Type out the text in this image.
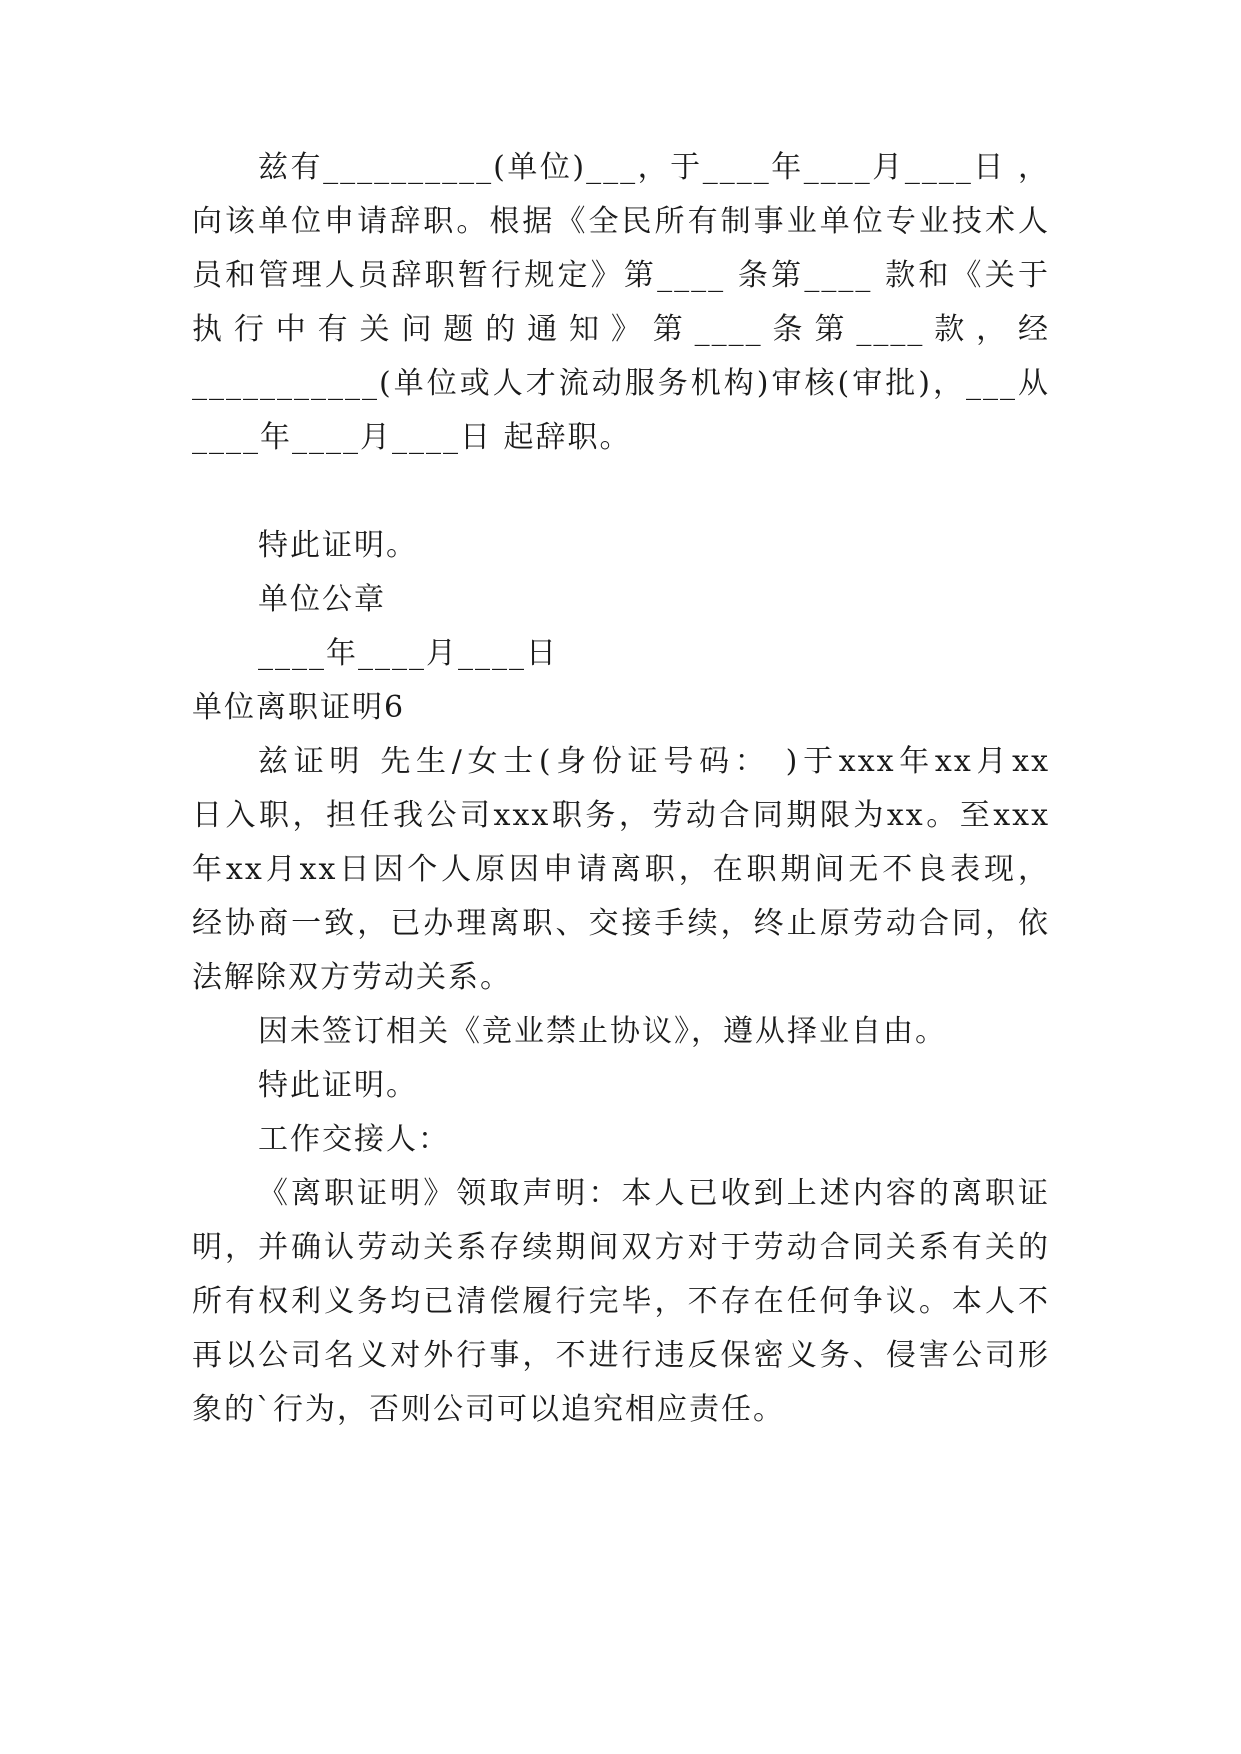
兹有__________(单位)___，于____年____月____日 ，
向该单位申请辞职。根据《全民所有制事业单位专业技术人
员和管理人员辞职暂行规定》第____ 条第____ 款和《关于
执行中有关问题的通知》第____条第____款，经
___________(单位或人才流动服务机构)审核(审批)，___从
____年____月____日 起辞职。
特此证明。
单位公章
____年____月____日
单位离职证明6
兹证明 先生/女士(身份证号码： )于xxx年xx月xx
日入职，担任我公司xxx职务，劳动合同期限为xx。至xxx
年xx月xx日因个人原因申请离职，在职期间无不良表现，
经协商一致，已办理离职、交接手续，终止原劳动合同，依
法解除双方劳动关系。
因未签订相关《竞业禁止协议》，遵从择业自由。
特此证明。
工作交接人：
《离职证明》领取声明：本人已收到上述内容的离职证
明，并确认劳动关系存续期间双方对于劳动合同关系有关的
所有权利义务均已清偿履行完毕，不存在任何争议。本人不
再以公司名义对外行事，不进行违反保密义务、侵害公司形
象的`行为，否则公司可以追究相应责任。
